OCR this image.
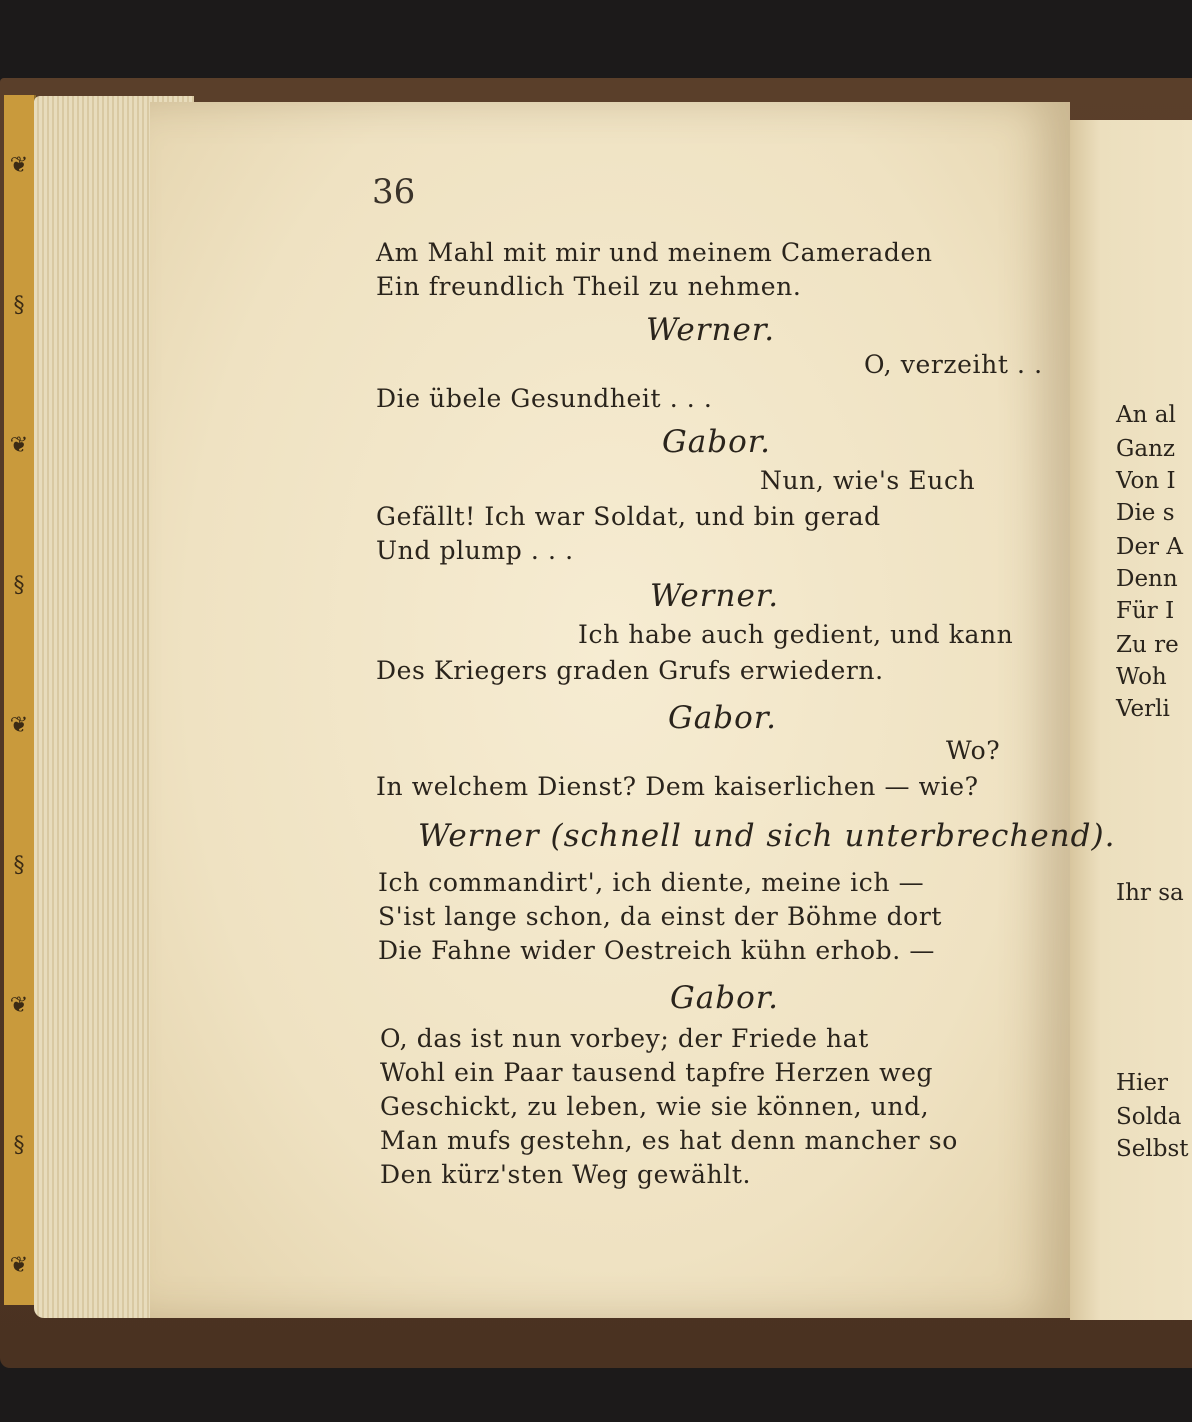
❦
§
❦
§
❦
§
❦
§
❦
36
Am Mahl mit mir und meinem Cameraden
Ein freundlich Theil zu nehmen.
Werner.
O, verzeiht . .
Die übele Gesundheit . . .
Gabor.
Nun, wie's Euch
Gefällt! Ich war Soldat, und bin gerad
Und plump . . .
Werner.
Ich habe auch gedient, und kann
Des Kriegers graden Grufs erwiedern.
Gabor.
Wo?
In welchem Dienst? Dem kaiserlichen — wie?
Werner (schnell und sich unterbrechend).
Ich commandirt', ich diente, meine ich —
S'ist lange schon, da einst der Böhme dort
Die Fahne wider Oestreich kühn erhob. —
Gabor.
O, das ist nun vorbey; der Friede hat
Wohl ein Paar tausend tapfre Herzen weg
Geschickt, zu leben, wie sie können, und,
Man mufs gestehn, es hat denn mancher so
Den kürz'sten Weg gewählt.
An al
Ganz
Von I
Die s
Der A
Denn
Für I
Zu re
Woh
Verli
Ihr sa
Hier
Solda
Selbst
